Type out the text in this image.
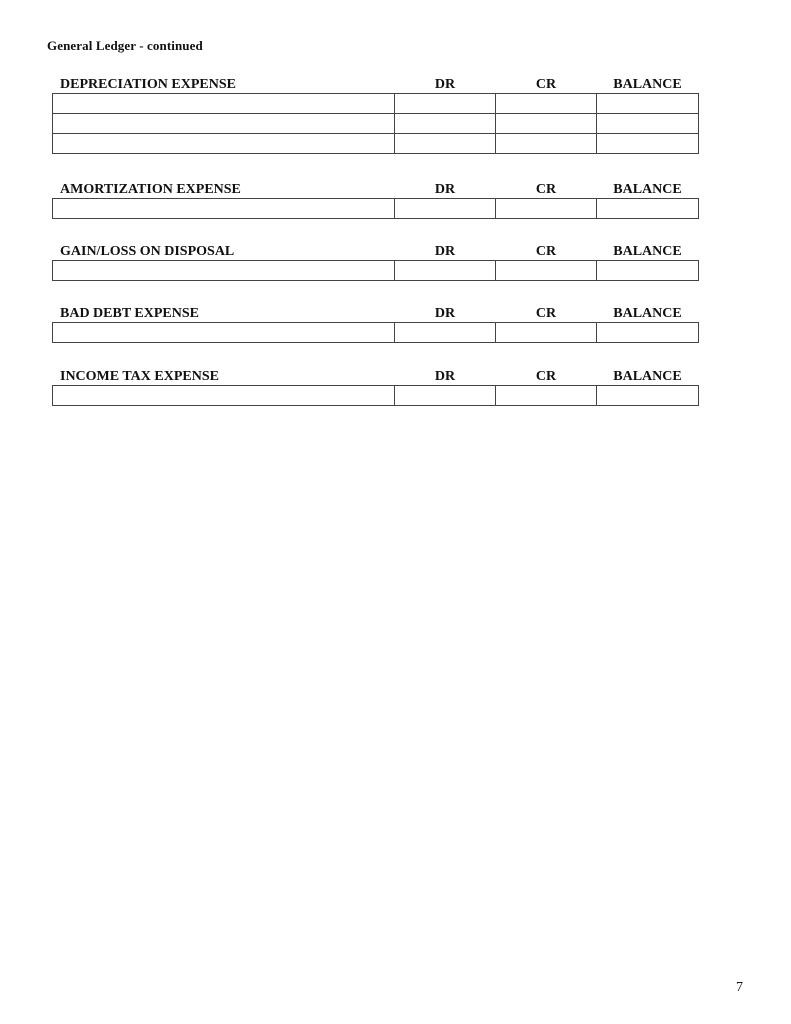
General Ledger - continued
DEPRECIATION EXPENSE	DR	CR	BALANCE

AMORTIZATION EXPENSE	DR	CR	BALANCE

GAIN/LOSS ON DISPOSAL	DR	CR	BALANCE

BAD DEBT EXPENSE	DR	CR	BALANCE

INCOME TAX EXPENSE	DR	CR	BALANCE

7
